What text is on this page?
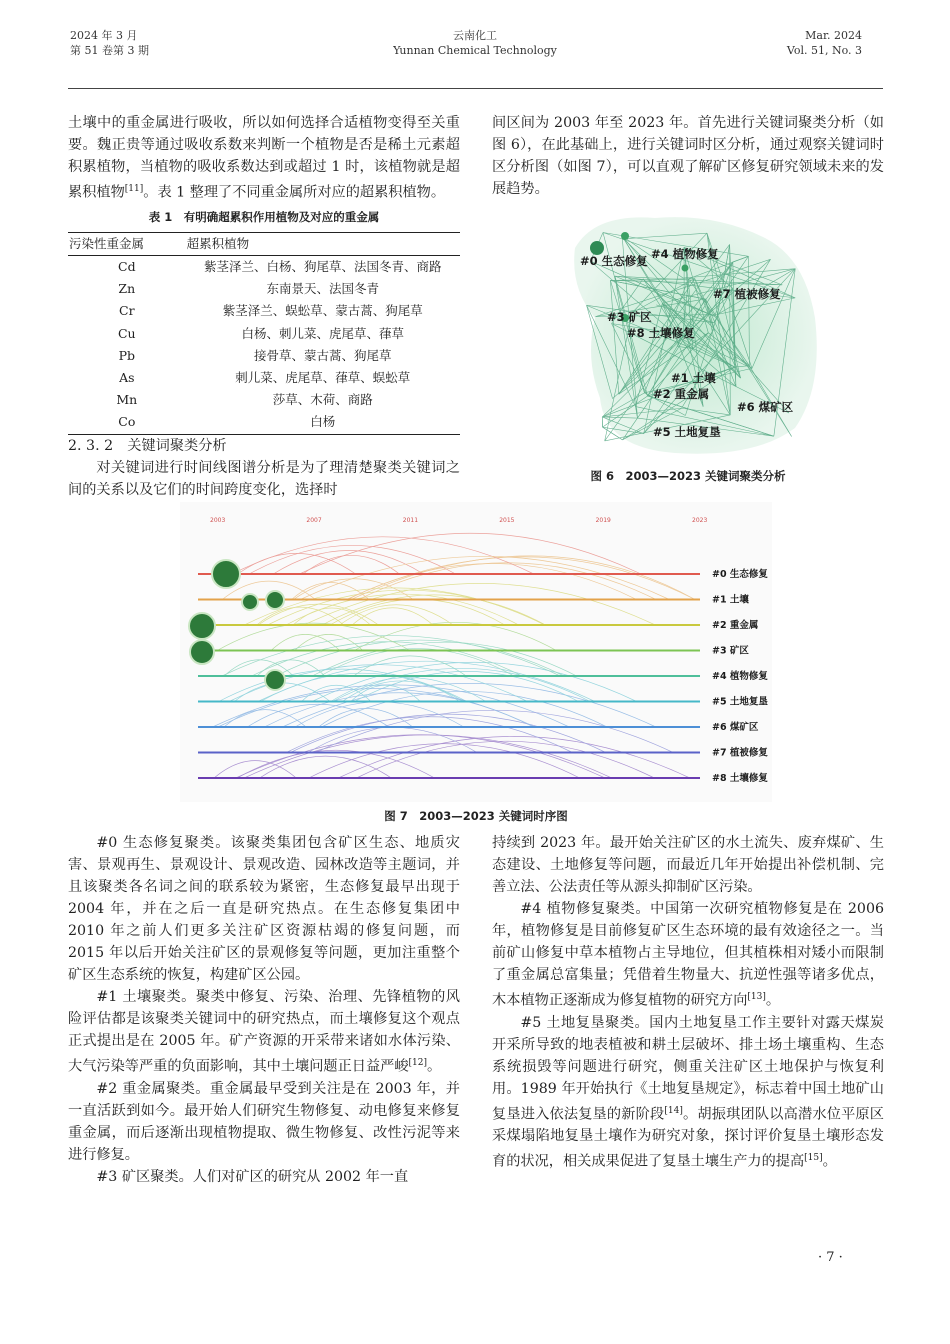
2024 年 3 月
第 51 卷第 3 期
云南化工
Yunnan Chemical Technology
Mar. 2024
Vol. 51, No. 3

土壤中的重金属进行吸收，所以如何选择合适植物变得至关重要。魏正贵等通过吸收系数来判断一个植物是否是稀土元素超积累植物，当植物的吸收系数达到或超过 1 时，该植物就是超累积植物[11]。表 1 整理了不同重金属所对应的超累积植物。

表 1　有明确超累积作用植物及对应的重金属
污染性重金属	超累积植物
Cd	紫茎泽兰、白杨、狗尾草、法国冬青、商路
Zn	东南景天、法国冬青
Cr	紫茎泽兰、蜈蚣草、蒙古蒿、狗尾草
Cu	白杨、刺儿菜、虎尾草、葎草
Pb	接骨草、蒙古蒿、狗尾草
As	刺儿菜、虎尾草、葎草、蜈蚣草
Mn	莎草、木荷、商路
Co	白杨

2. 3. 2　关键词聚类分析

对关键词进行时间线图谱分析是为了理清楚聚类关键词之间的关系以及它们的时间跨度变化，选择时

间区间为 2003 年至 2023 年。首先进行关键词聚类分析（如图 6），在此基础上，进行关键词时区分析，通过观察关键词时区分析图（如图 7），可以直观了解矿区修复研究领域未来的发展趋势。

#0 生态修复 #4 植物修复
#7 植被修复
#3 矿区
#8 土壤修复
#1 土壤
#2 重金属
#6 煤矿区
#5 土地复垦
图 6　2003—2023 关键词聚类分析
2003	2007	2011	2015	2019	2023
#0 生态修复
#1 土壤
#2 重金属
#3 矿区
#4 植物修复
#5 土地复垦
#6 煤矿区
#7 植被修复
#8 土壤修复
图 7　2003—2023 关键词时序图

#0 生态修复聚类。该聚类集团包含矿区生态、地质灾害、景观再生、景观设计、景观改造、园林改造等主题词，并且该聚类各名词之间的联系较为紧密，生态修复最早出现于 2004 年，并在之后一直是研究热点。在生态修复集团中 2010 年之前人们更多关注矿区资源枯竭的修复问题，而 2015 年以后开始关注矿区的景观修复等问题，更加注重整个矿区生态系统的恢复，构建矿区公园。

#1 土壤聚类。聚类中修复、污染、治理、先锋植物的风险评估都是该聚类关键词中的研究热点，而土壤修复这个观点正式提出是在 2005 年。矿产资源的开采带来诸如水体污染、大气污染等严重的负面影响，其中土壤问题正日益严峻[12]。

#2 重金属聚类。重金属最早受到关注是在 2003 年，并一直活跃到如今。最开始人们研究生物修复、动电修复来修复重金属，而后逐渐出现植物提取、微生物修复、改性污泥等来进行修复。

#3 矿区聚类。人们对矿区的研究从 2002 年一直

持续到 2023 年。最开始关注矿区的水土流失、废弃煤矿、生态建设、土地修复等问题，而最近几年开始提出补偿机制、完善立法、公法责任等从源头抑制矿区污染。

#4 植物修复聚类。中国第一次研究植物修复是在 2006 年，植物修复是目前修复矿区生态环境的最有效途径之一。当前矿山修复中草本植物占主导地位，但其植株相对矮小而限制了重金属总富集量；凭借着生物量大、抗逆性强等诸多优点，木本植物正逐渐成为修复植物的研究方向[13]。

#5 土地复垦聚类。国内土地复垦工作主要针对露天煤炭开采所导致的地表植被和耕土层破坏、排土场土壤重构、生态系统损毁等问题进行研究，侧重关注矿区土地保护与恢复利用。1989 年开始执行《土地复垦规定》，标志着中国土地矿山复垦进入依法复垦的新阶段[14]。胡振琪团队以高潜水位平原区采煤塌陷地复垦土壤作为研究对象，探讨评价复垦土壤形态发育的状况，相关成果促进了复垦土壤生产力的提高[15]。

· 7 ·
